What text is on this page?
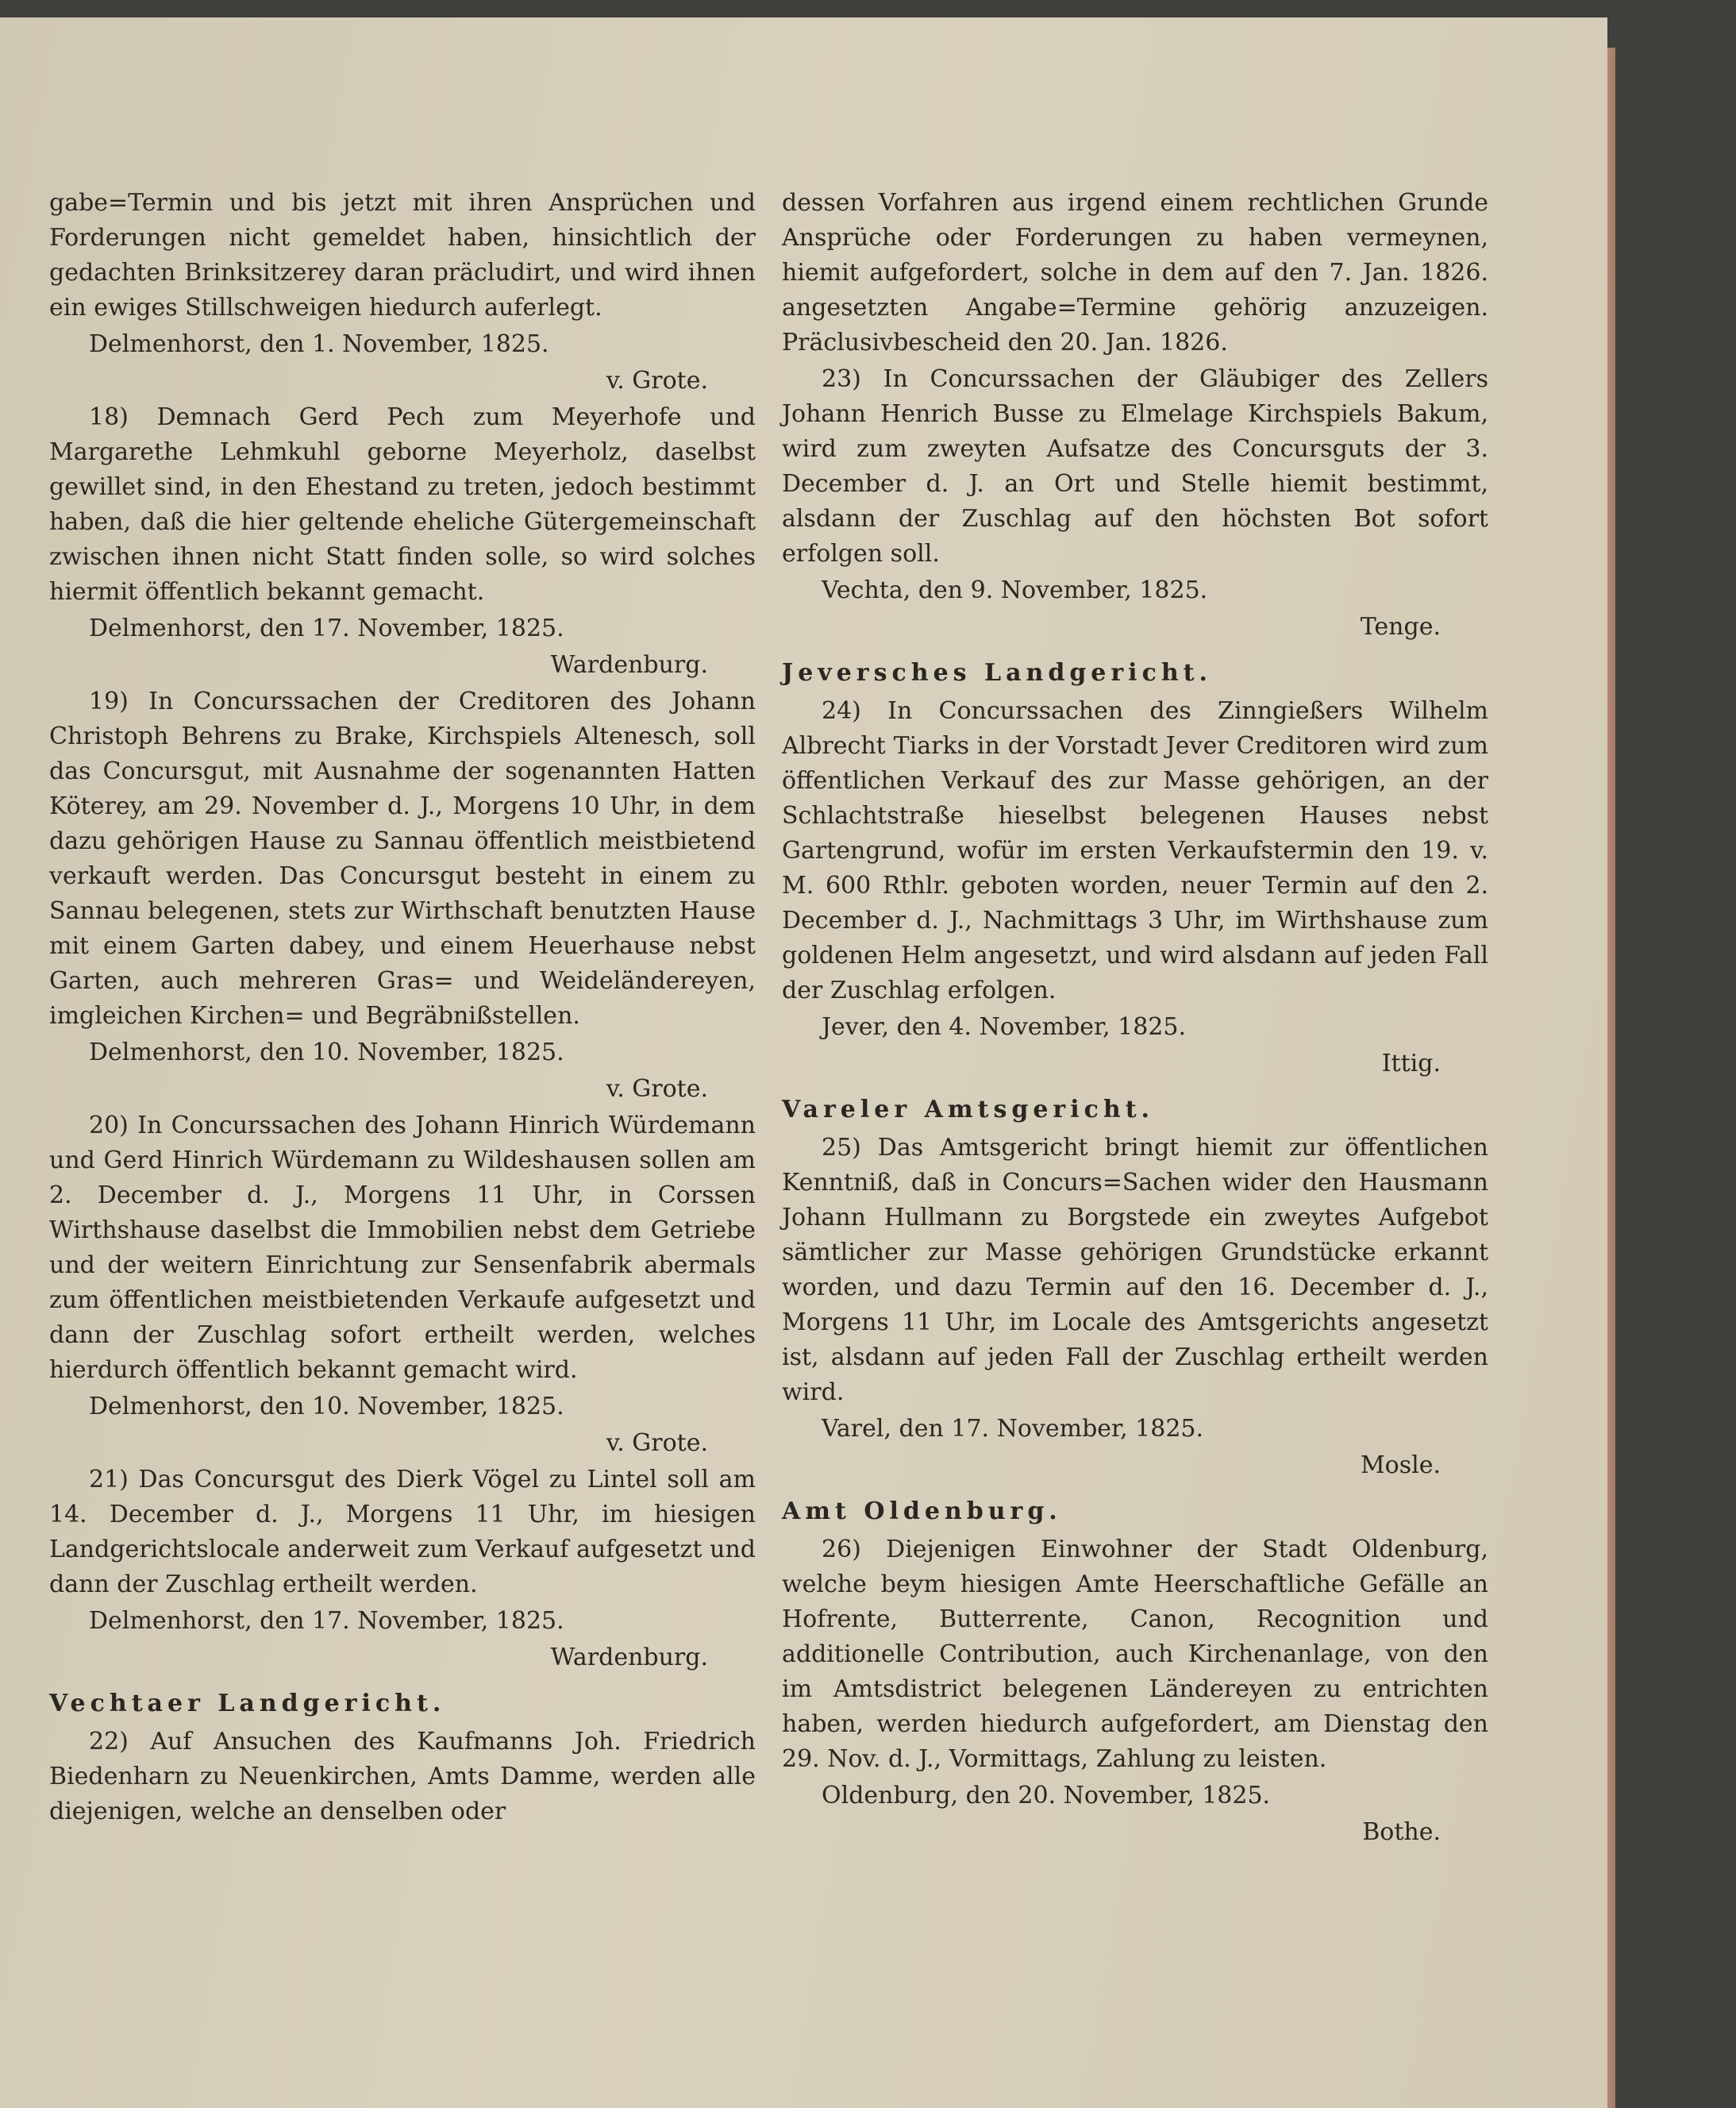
gabe=Termin und bis jetzt mit ihren Ansprüchen und Forderungen nicht gemeldet haben, hinsichtlich der gedachten Brinksitzerey daran präcludirt, und wird ihnen ein ewiges Stillschweigen hiedurch auferlegt.

Delmenhorst, den 1. November, 1825.

v. Grote.

18) Demnach Gerd Pech zum Meyerhofe und Margarethe Lehmkuhl geborne Meyerholz, daselbst gewillet sind, in den Ehestand zu treten, jedoch bestimmt haben, daß die hier geltende eheliche Gütergemeinschaft zwischen ihnen nicht Statt finden solle, so wird solches hiermit öffentlich bekannt gemacht.

Delmenhorst, den 17. November, 1825.

Wardenburg.

19) In Concurssachen der Creditoren des Johann Christoph Behrens zu Brake, Kirchspiels Altenesch, soll das Concursgut, mit Ausnahme der sogenannten Hatten Köterey, am 29. November d. J., Morgens 10 Uhr, in dem dazu gehörigen Hause zu Sannau öffentlich meistbietend verkauft werden. Das Concursgut besteht in einem zu Sannau belegenen, stets zur Wirthschaft benutzten Hause mit einem Garten dabey, und einem Heuerhause nebst Garten, auch mehreren Gras= und Weideländereyen, imgleichen Kirchen= und Begräbnißstellen.

Delmenhorst, den 10. November, 1825.

v. Grote.

20) In Concurssachen des Johann Hinrich Würdemann und Gerd Hinrich Würdemann zu Wildeshausen sollen am 2. December d. J., Morgens 11 Uhr, in Corssen Wirthshause daselbst die Immobilien nebst dem Getriebe und der weitern Einrichtung zur Sensenfabrik abermals zum öffentlichen meistbietenden Verkaufe aufgesetzt und dann der Zuschlag sofort ertheilt werden, welches hierdurch öffentlich bekannt gemacht wird.

Delmenhorst, den 10. November, 1825.

v. Grote.

21) Das Concursgut des Dierk Vögel zu Lintel soll am 14. December d. J., Morgens 11 Uhr, im hiesigen Landgerichtslocale anderweit zum Verkauf aufgesetzt und dann der Zuschlag ertheilt werden.

Delmenhorst, den 17. November, 1825.

Wardenburg.

Vechtaer Landgericht.

22) Auf Ansuchen des Kaufmanns Joh. Friedrich Biedenharn zu Neuenkirchen, Amts Damme, werden alle diejenigen, welche an denselben oder

dessen Vorfahren aus irgend einem rechtlichen Grunde Ansprüche oder Forderungen zu haben vermeynen, hiemit aufgefordert, solche in dem auf den 7. Jan. 1826. angesetzten Angabe=Termine gehörig anzuzeigen. Präclusivbescheid den 20. Jan. 1826.

23) In Concurssachen der Gläubiger des Zellers Johann Henrich Busse zu Elmelage Kirchspiels Bakum, wird zum zweyten Aufsatze des Concursguts der 3. December d. J. an Ort und Stelle hiemit bestimmt, alsdann der Zuschlag auf den höchsten Bot sofort erfolgen soll.

Vechta, den 9. November, 1825.

Tenge.

Jeversches Landgericht.

24) In Concurssachen des Zinngießers Wilhelm Albrecht Tiarks in der Vorstadt Jever Creditoren wird zum öffentlichen Verkauf des zur Masse gehörigen, an der Schlachtstraße hieselbst belegenen Hauses nebst Gartengrund, wofür im ersten Verkaufstermin den 19. v. M. 600 Rthlr. geboten worden, neuer Termin auf den 2. December d. J., Nachmittags 3 Uhr, im Wirthshause zum goldenen Helm angesetzt, und wird alsdann auf jeden Fall der Zuschlag erfolgen.

Jever, den 4. November, 1825.

Ittig.

Vareler Amtsgericht.

25) Das Amtsgericht bringt hiemit zur öffentlichen Kenntniß, daß in Concurs=Sachen wider den Hausmann Johann Hullmann zu Borgstede ein zweytes Aufgebot sämtlicher zur Masse gehörigen Grundstücke erkannt worden, und dazu Termin auf den 16. December d. J., Morgens 11 Uhr, im Locale des Amtsgerichts angesetzt ist, alsdann auf jeden Fall der Zuschlag ertheilt werden wird.

Varel, den 17. November, 1825.

Mosle.

Amt Oldenburg.

26) Diejenigen Einwohner der Stadt Oldenburg, welche beym hiesigen Amte Heerschaftliche Gefälle an Hofrente, Butterrente, Canon, Recognition und additionelle Contribution, auch Kirchenanlage, von den im Amtsdistrict belegenen Ländereyen zu entrichten haben, werden hiedurch aufgefordert, am Dienstag den 29. Nov. d. J., Vormittags, Zahlung zu leisten.

Oldenburg, den 20. November, 1825.

Bothe.
